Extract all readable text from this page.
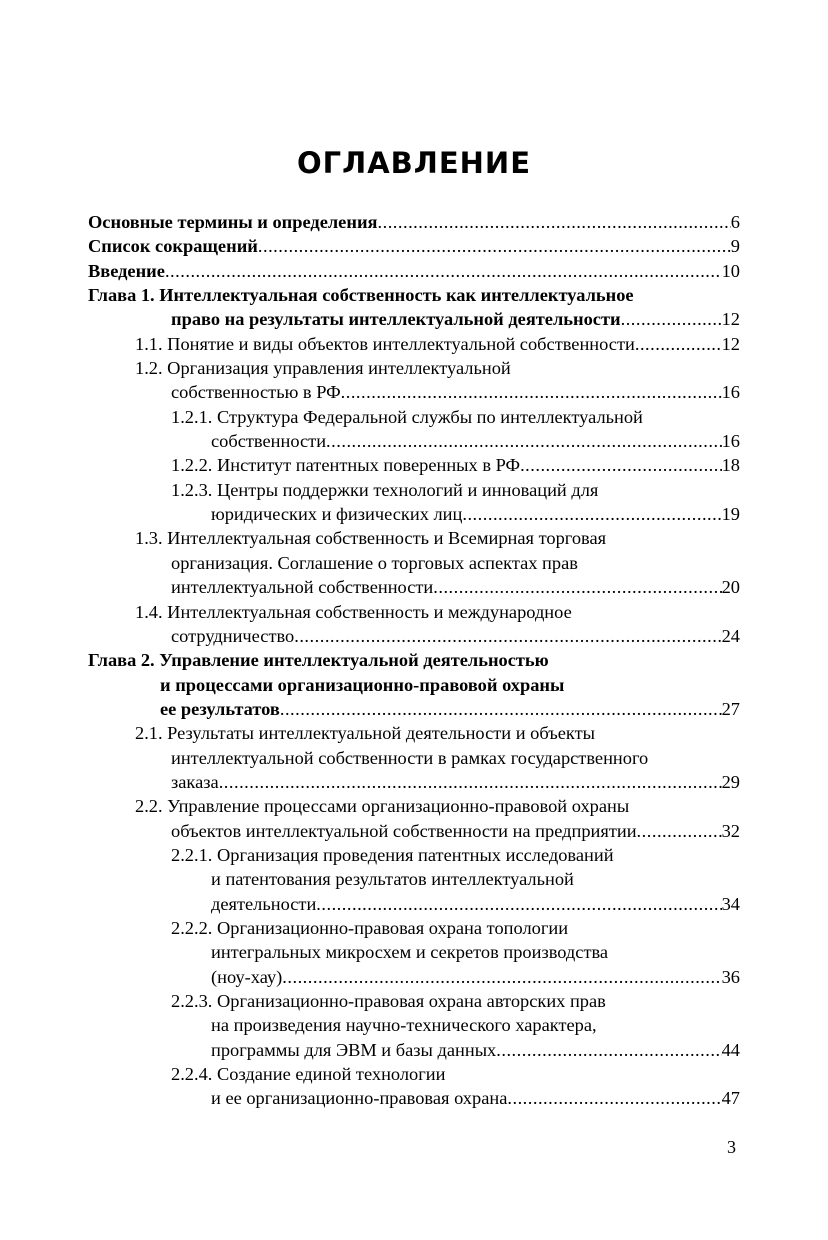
ОГЛАВЛЕНИЕ
Основные термины и определения .....	6
Список сокращений .....	9
Введение .....	10
Глава 1. Интеллектуальная собственность как интеллектуальное
право на результаты интеллектуальной деятельности .....	12
1.1. Понятие и виды объектов интеллектуальной собственности .....	12
1.2. Организация управления интеллектуальной
собственностью в РФ .....	16
1.2.1. Структура Федеральной службы по интеллектуальной
собственности .....	16
1.2.2. Институт патентных поверенных в РФ .....	18
1.2.3. Центры поддержки технологий и инноваций для
юридических и физических лиц .....	19
1.3. Интеллектуальная собственность и Всемирная торговая
организация. Соглашение о торговых аспектах прав
интеллектуальной собственности .....	20
1.4. Интеллектуальная собственность и международное
сотрудничество .....	24
Глава 2. Управление интеллектуальной деятельностью
и процессами организационно-правовой охраны
ее результатов .....	27
2.1. Результаты интеллектуальной деятельности и объекты
интеллектуальной собственности в рамках государственного
заказа .....	29
2.2. Управление процессами организационно-правовой охраны
объектов интеллектуальной собственности на предприятии .....	32
2.2.1. Организация проведения патентных исследований
и патентования результатов интеллектуальной
деятельности .....	34
2.2.2. Организационно-правовая охрана топологии
интегральных микросхем и секретов производства
(ноу-хау) .....	36
2.2.3. Организационно-правовая охрана авторских прав
на произведения научно-технического характера,
программы для ЭВМ и базы данных .....	44
2.2.4. Создание единой технологии
и ее организационно-правовая охрана .....	47
3
